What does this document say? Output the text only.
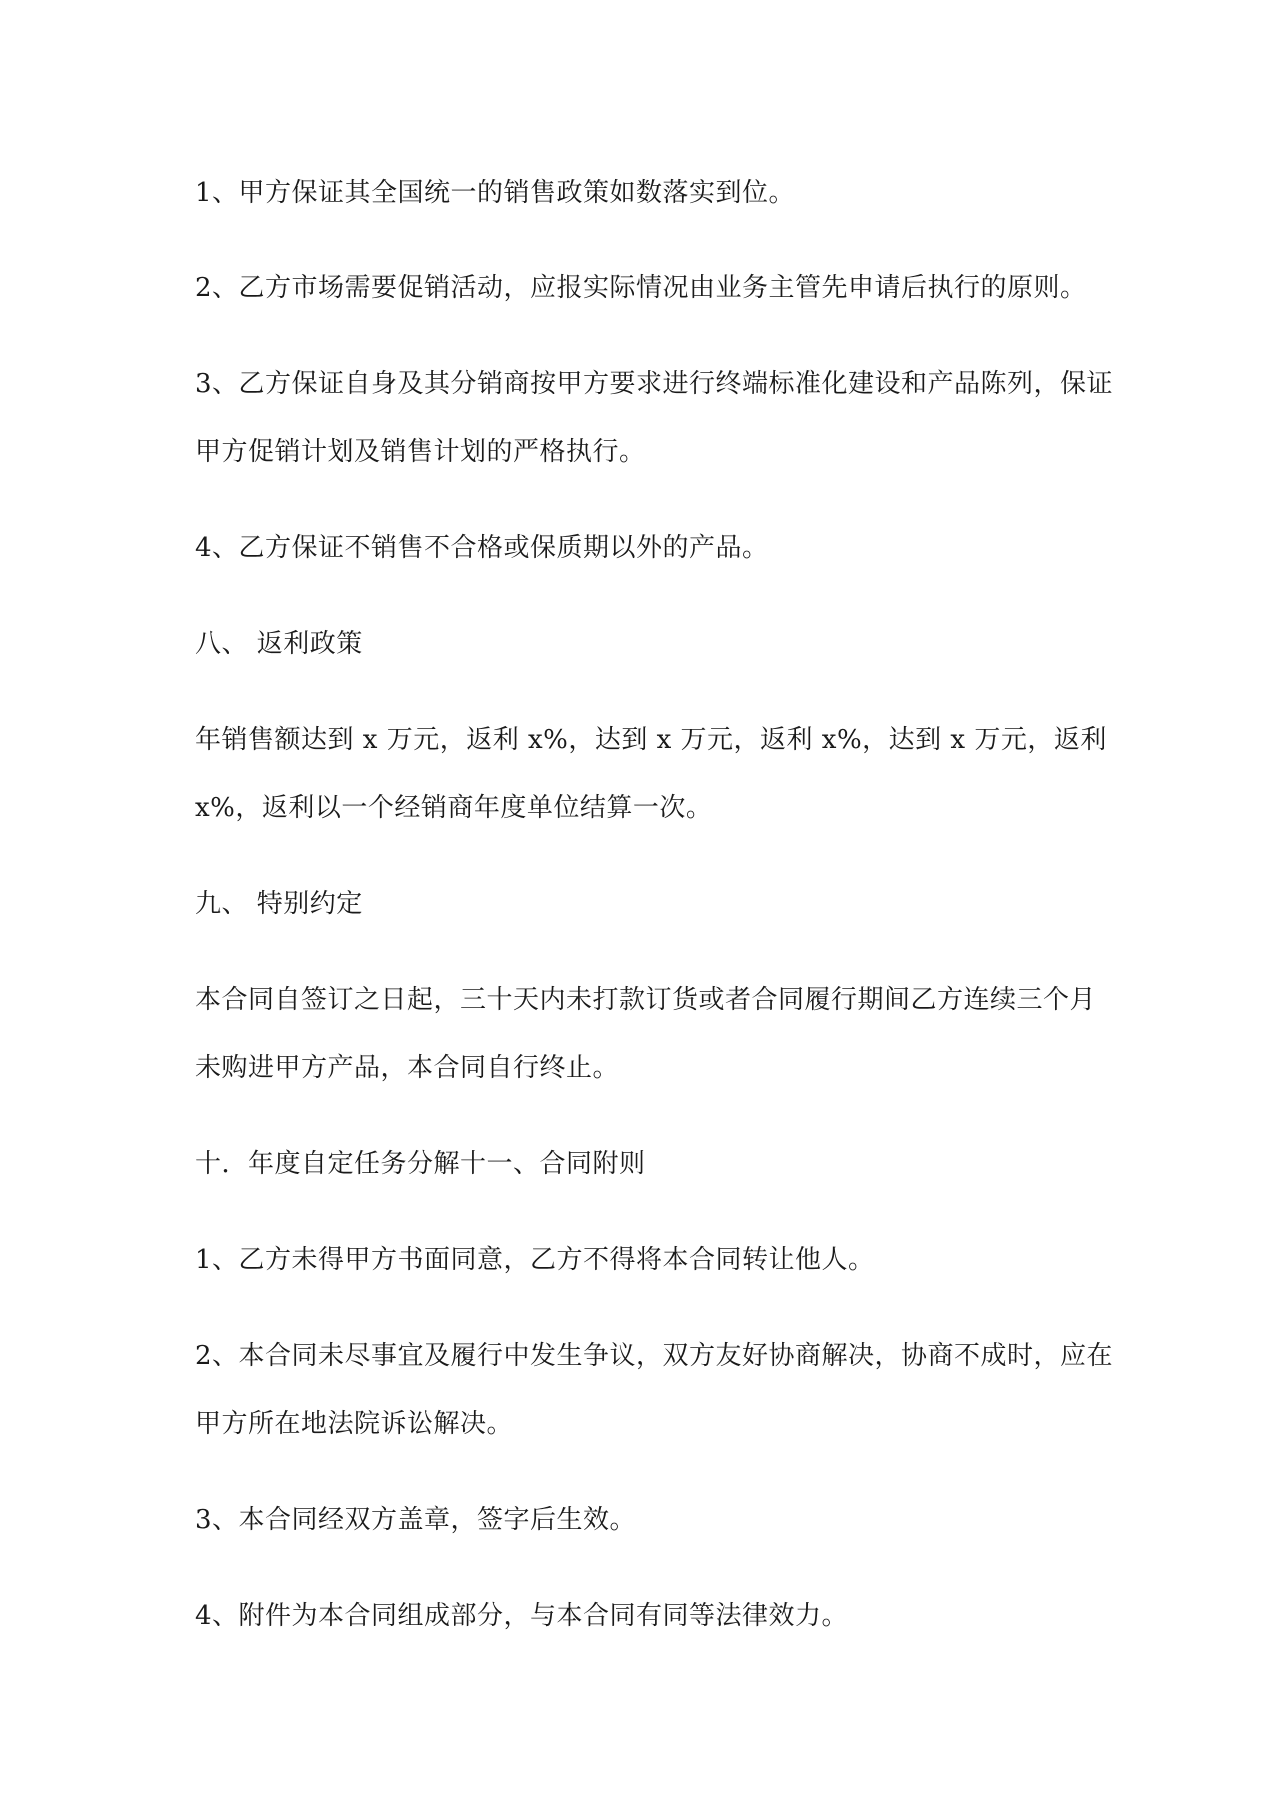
1、甲方保证其全国统一的销售政策如数落实到位。
2、乙方市场需要促销活动，应报实际情况由业务主管先申请后执行的原则。
3、乙方保证自身及其分销商按甲方要求进行终端标准化建设和产品陈列，保证
甲方促销计划及销售计划的严格执行。
4、乙方保证不销售不合格或保质期以外的产品。
八、 返利政策
年销售额达到 x 万元，返利 x%，达到 x 万元，返利 x%，达到 x 万元，返利
x%，返利以一个经销商年度单位结算一次。
九、 特别约定
本合同自签订之日起，三十天内未打款订货或者合同履行期间乙方连续三个月
未购进甲方产品，本合同自行终止。
十．年度自定任务分解十一、合同附则
1、乙方未得甲方书面同意，乙方不得将本合同转让他人。
2、本合同未尽事宜及履行中发生争议，双方友好协商解决，协商不成时，应在
甲方所在地法院诉讼解决。
3、本合同经双方盖章，签字后生效。
4、附件为本合同组成部分，与本合同有同等法律效力。
